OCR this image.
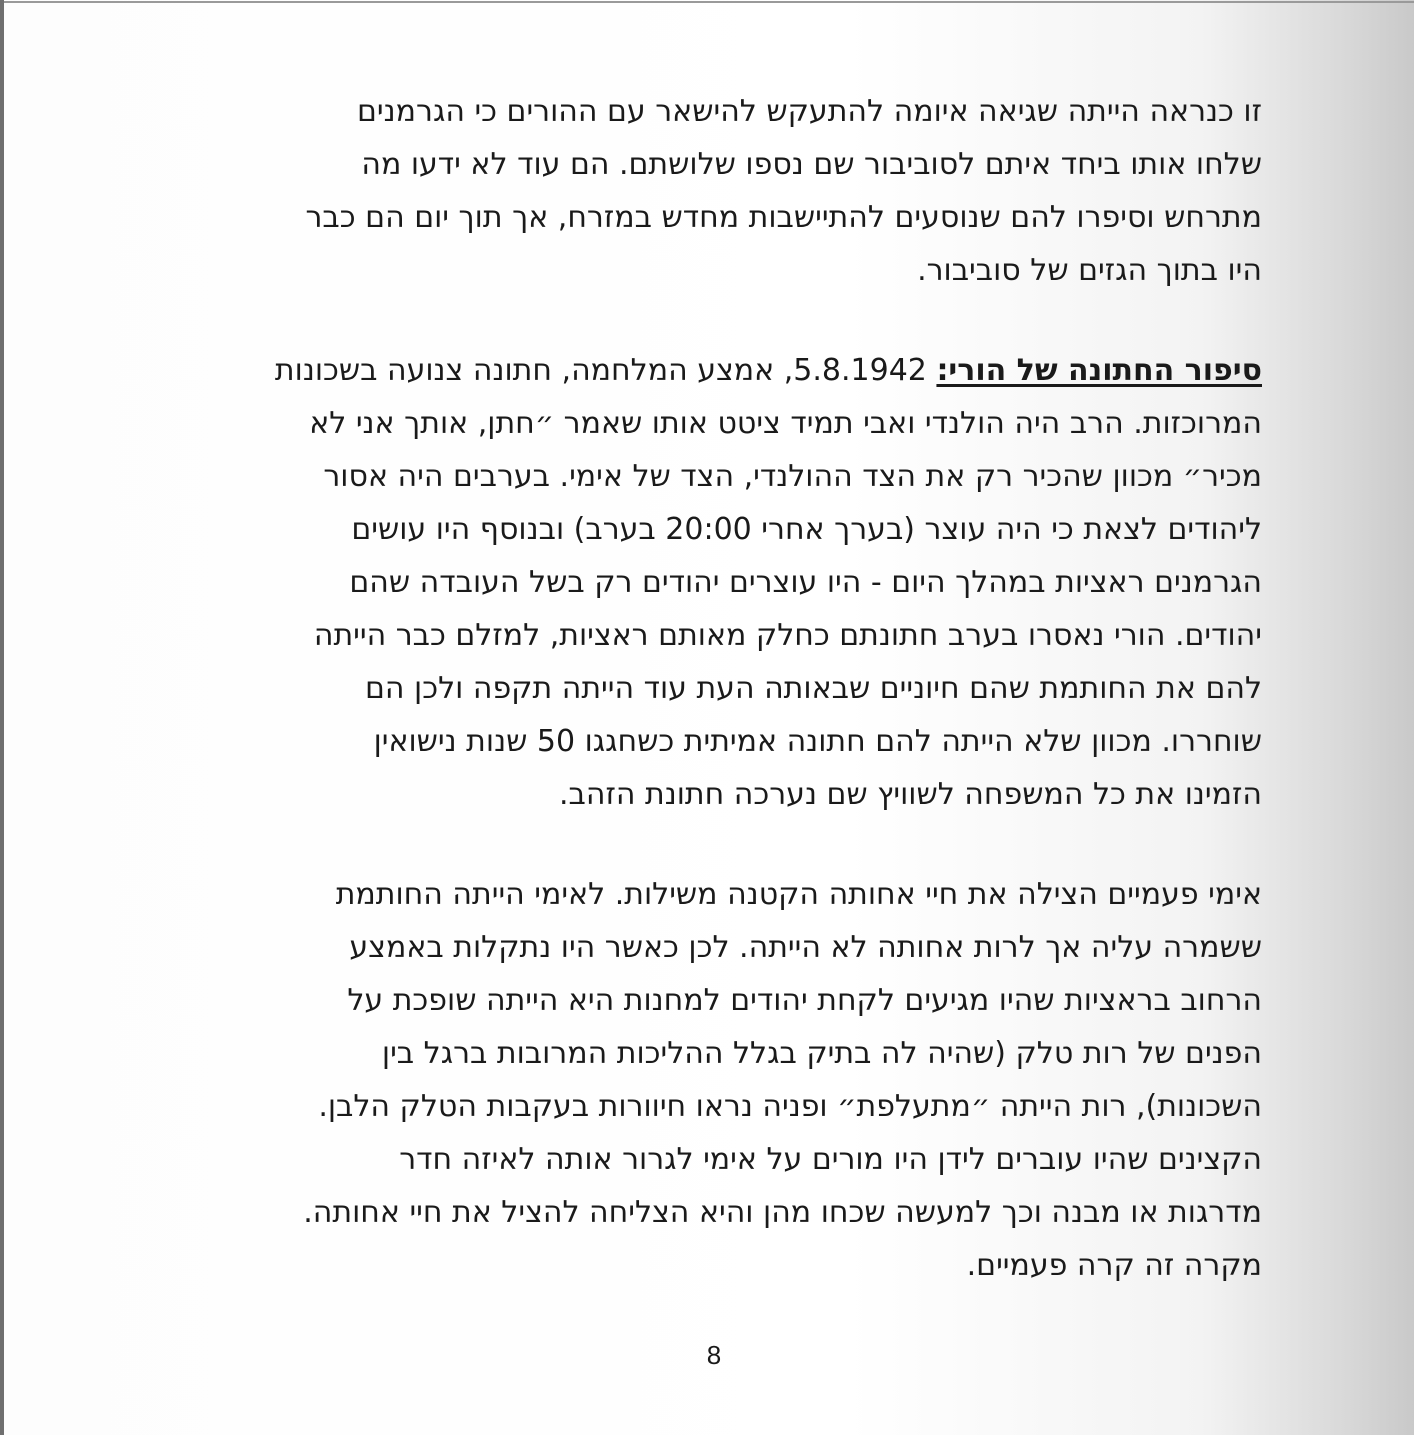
זו כנראה הייתה שגיאה איומה להתעקש להישאר עם ההורים כי הגרמנים
שלחו אותו ביחד איתם לסוביבור שם נספו שלושתם. הם עוד לא ידעו מה
מתרחש וסיפרו להם שנוסעים להתיישבות מחדש במזרח, אך תוך יום הם כבר
היו בתוך הגזים של סוביבור.
סיפור החתונה של הורי: 5.8.1942, אמצע המלחמה, חתונה צנועה בשכונות
המרוכזות. הרב היה הולנדי ואבי תמיד ציטט אותו שאמר ״חתן, אותך אני לא
מכיר״ מכוון שהכיר רק את הצד ההולנדי, הצד של אימי. בערבים היה אסור
ליהודים לצאת כי היה עוצר (בערך אחרי 20:00 בערב) ובנוסף היו עושים
הגרמנים ראציות במהלך היום - היו עוצרים יהודים רק בשל העובדה שהם
יהודים. הורי נאסרו בערב חתונתם כחלק מאותם ראציות, למזלם כבר הייתה
להם את החותמת שהם חיוניים שבאותה העת עוד הייתה תקפה ולכן הם
שוחררו. מכוון שלא הייתה להם חתונה אמיתית כשחגגו 50 שנות נישואין
הזמינו את כל המשפחה לשוויץ שם נערכה חתונת הזהב.
אימי פעמיים הצילה את חיי אחותה הקטנה משילות. לאימי הייתה החותמת
ששמרה עליה אך לרות אחותה לא הייתה. לכן כאשר היו נתקלות באמצע
הרחוב בראציות שהיו מגיעים לקחת יהודים למחנות היא הייתה שופכת על
הפנים של רות טלק (שהיה לה בתיק בגלל ההליכות המרובות ברגל בין
השכונות), רות הייתה ״מתעלפת״ ופניה נראו חיוורות בעקבות הטלק הלבן.
הקצינים שהיו עוברים לידן היו מורים על אימי לגרור אותה לאיזה חדר
מדרגות או מבנה וכך למעשה שכחו מהן והיא הצליחה להציל את חיי אחותה.
מקרה זה קרה פעמיים.
8
